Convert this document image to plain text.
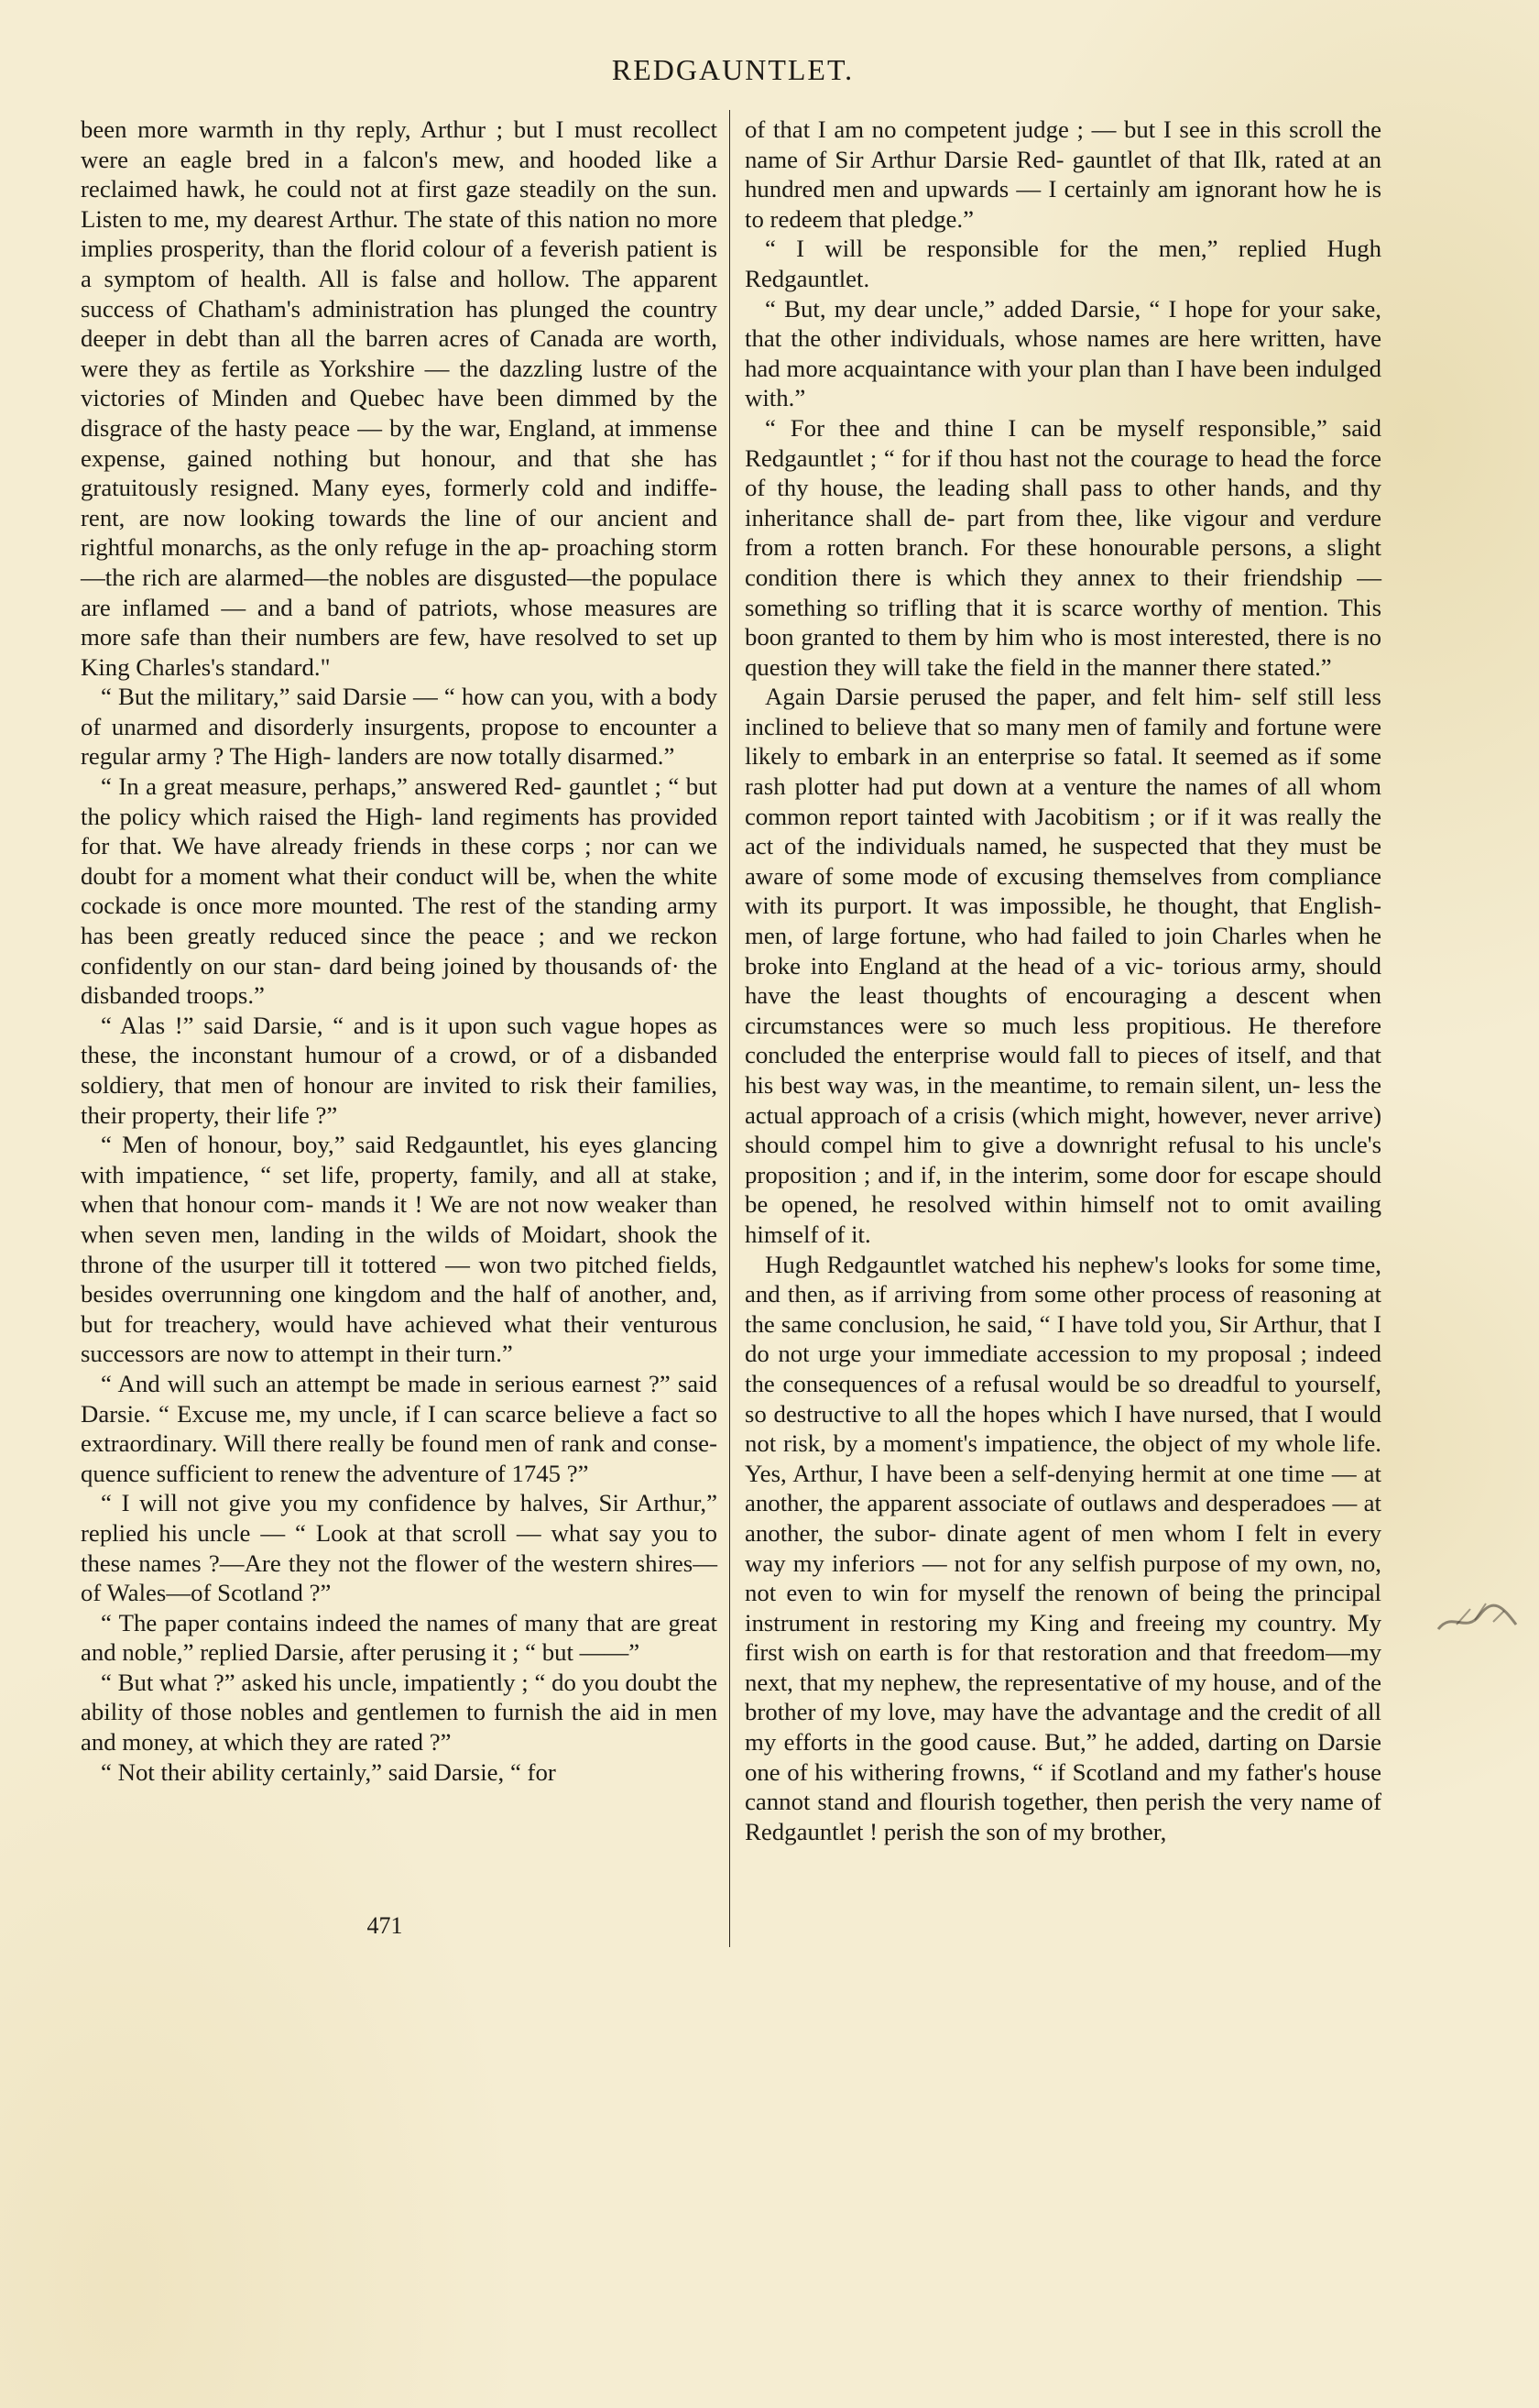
REDGAUNTLET.

been more warmth in thy reply, Arthur ; but I must recollect were an eagle bred in a falcon's mew, and hooded like a reclaimed hawk, he could not at first gaze steadily on the sun. Listen to me, my dearest Arthur. The state of this nation no more implies prosperity, than the florid colour of a feverish patient is a symptom of health. All is false and hollow. The apparent success of Chatham's administration has plunged the country deeper in debt than all the barren acres of Canada are worth, were they as fertile as Yorkshire — the dazzling lustre of the victories of Minden and Quebec have been dimmed by the disgrace of the hasty peace — by the war, England, at immense expense, gained nothing but honour, and that she has gratuitously resigned. Many eyes, formerly cold and indiffe- rent, are now looking towards the line of our ancient and rightful monarchs, as the only refuge in the ap- proaching storm—the rich are alarmed—the nobles are disgusted—the populace are inflamed — and a band of patriots, whose measures are more safe than their numbers are few, have resolved to set up King Charles's standard."

“ But the military,” said Darsie — “ how can you, with a body of unarmed and disorderly insurgents, propose to encounter a regular army ? The High- landers are now totally disarmed.”

“ In a great measure, perhaps,” answered Red- gauntlet ; “ but the policy which raised the High- land regiments has provided for that. We have already friends in these corps ; nor can we doubt for a moment what their conduct will be, when the white cockade is once more mounted. The rest of the standing army has been greatly reduced since the peace ; and we reckon confidently on our stan- dard being joined by thousands of· the disbanded troops.”

“ Alas !” said Darsie, “ and is it upon such vague hopes as these, the inconstant humour of a crowd, or of a disbanded soldiery, that men of honour are invited to risk their families, their property, their life ?”

“ Men of honour, boy,” said Redgauntlet, his eyes glancing with impatience, “ set life, property, family, and all at stake, when that honour com- mands it ! We are not now weaker than when seven men, landing in the wilds of Moidart, shook the throne of the usurper till it tottered — won two pitched fields, besides overrunning one kingdom and the half of another, and, but for treachery, would have achieved what their venturous successors are now to attempt in their turn.”

“ And will such an attempt be made in serious earnest ?” said Darsie. “ Excuse me, my uncle, if I can scarce believe a fact so extraordinary. Will there really be found men of rank and conse- quence sufficient to renew the adventure of 1745 ?”

“ I will not give you my confidence by halves, Sir Arthur,” replied his uncle — “ Look at that scroll — what say you to these names ?—Are they not the flower of the western shires—of Wales—of Scotland ?”

“ The paper contains indeed the names of many that are great and noble,” replied Darsie, after perusing it ; “ but ——”

“ But what ?” asked his uncle, impatiently ; “ do you doubt the ability of those nobles and gentlemen to furnish the aid in men and money, at which they are rated ?”

“ Not their ability certainly,” said Darsie, “ for

of that I am no competent judge ; — but I see in this scroll the name of Sir Arthur Darsie Red- gauntlet of that Ilk, rated at an hundred men and upwards — I certainly am ignorant how he is to redeem that pledge.”

“ I will be responsible for the men,” replied Hugh Redgauntlet.

“ But, my dear uncle,” added Darsie, “ I hope for your sake, that the other individuals, whose names are here written, have had more acquaintance with your plan than I have been indulged with.”

“ For thee and thine I can be myself responsible,” said Redgauntlet ; “ for if thou hast not the courage to head the force of thy house, the leading shall pass to other hands, and thy inheritance shall de- part from thee, like vigour and verdure from a rotten branch. For these honourable persons, a slight condition there is which they annex to their friendship — something so trifling that it is scarce worthy of mention. This boon granted to them by him who is most interested, there is no question they will take the field in the manner there stated.”

Again Darsie perused the paper, and felt him- self still less inclined to believe that so many men of family and fortune were likely to embark in an enterprise so fatal. It seemed as if some rash plotter had put down at a venture the names of all whom common report tainted with Jacobitism ; or if it was really the act of the individuals named, he suspected that they must be aware of some mode of excusing themselves from compliance with its purport. It was impossible, he thought, that English- men, of large fortune, who had failed to join Charles when he broke into England at the head of a vic- torious army, should have the least thoughts of encouraging a descent when circumstances were so much less propitious. He therefore concluded the enterprise would fall to pieces of itself, and that his best way was, in the meantime, to remain silent, un- less the actual approach of a crisis (which might, however, never arrive) should compel him to give a downright refusal to his uncle's proposition ; and if, in the interim, some door for escape should be opened, he resolved within himself not to omit availing himself of it.

Hugh Redgauntlet watched his nephew's looks for some time, and then, as if arriving from some other process of reasoning at the same conclusion, he said, “ I have told you, Sir Arthur, that I do not urge your immediate accession to my proposal ; indeed the consequences of a refusal would be so dreadful to yourself, so destructive to all the hopes which I have nursed, that I would not risk, by a moment's impatience, the object of my whole life. Yes, Arthur, I have been a self-denying hermit at one time — at another, the apparent associate of outlaws and desperadoes — at another, the subor- dinate agent of men whom I felt in every way my inferiors — not for any selfish purpose of my own, no, not even to win for myself the renown of being the principal instrument in restoring my King and freeing my country. My first wish on earth is for that restoration and that freedom—my next, that my nephew, the representative of my house, and of the brother of my love, may have the advantage and the credit of all my efforts in the good cause. But,” he added, darting on Darsie one of his withering frowns, “ if Scotland and my father's house cannot stand and flourish together, then perish the very name of Redgauntlet ! perish the son of my brother,

471
